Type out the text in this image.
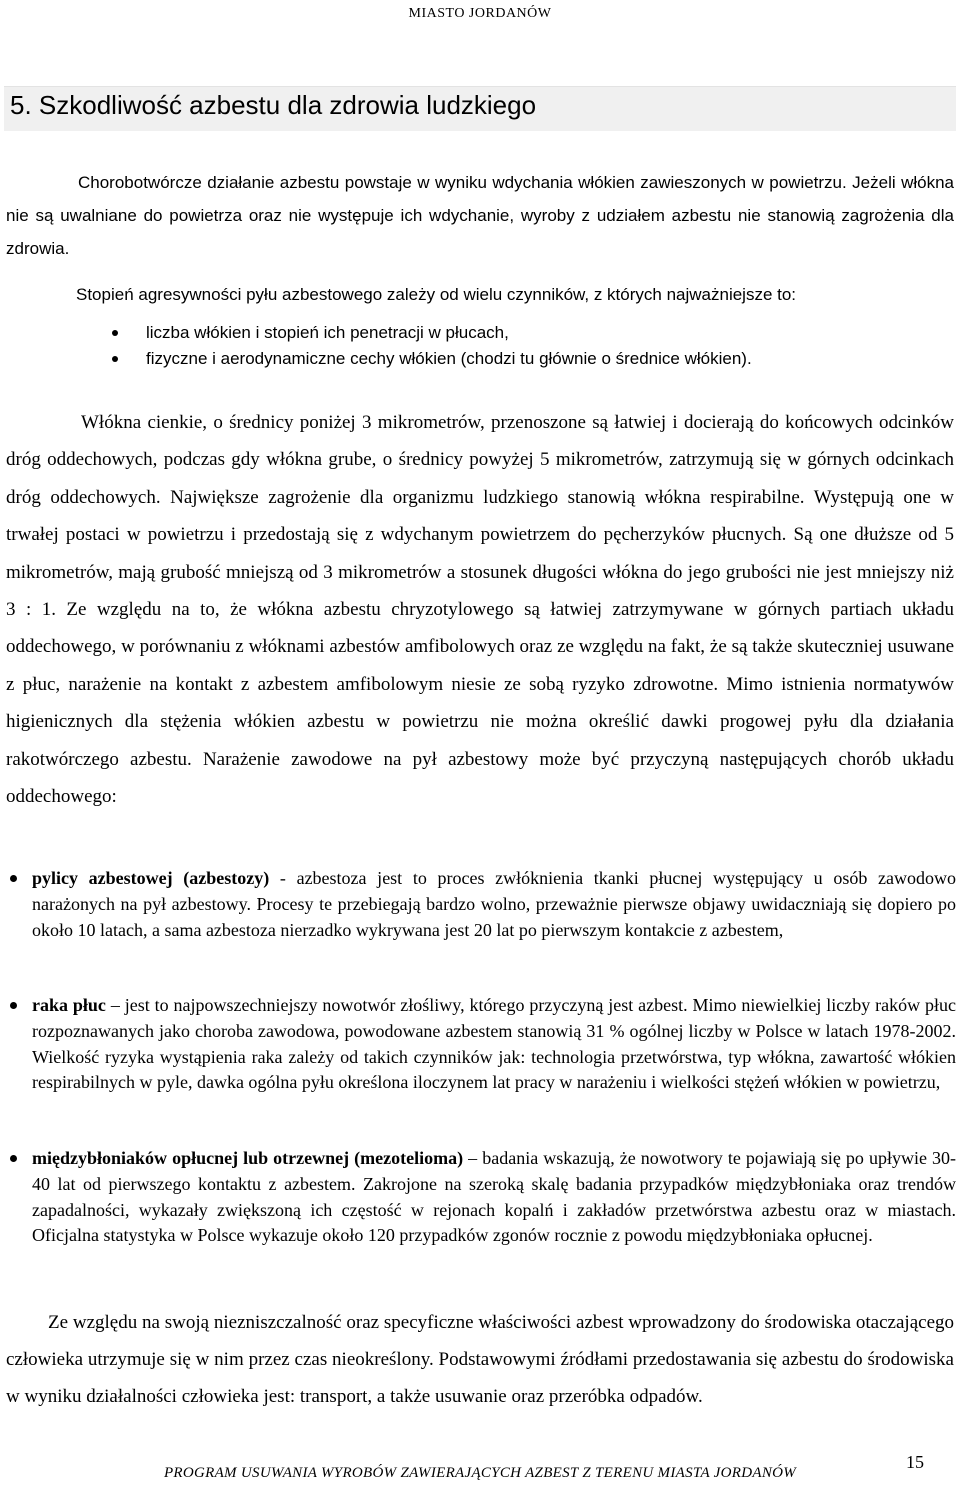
MIASTO JORDANÓW
5. Szkodliwość azbestu dla zdrowia ludzkiego

Chorobotwórcze działanie azbestu powstaje w wyniku wdychania włókien zawieszonych w powietrzu. Jeżeli włókna nie są uwalniane do powietrza oraz nie występuje ich wdychanie, wyroby z udziałem azbestu nie stanowią zagrożenia dla zdrowia.

Stopień agresywności pyłu azbestowego zależy od wielu czynników, z których najważniejsze to:

liczba włókien i stopień ich penetracji w płucach,
fizyczne i aerodynamiczne cechy włókien (chodzi tu głównie o średnice włókien).

Włókna cienkie, o średnicy poniżej 3 mikrometrów, przenoszone są łatwiej i docierają do końcowych odcinków dróg oddechowych, podczas gdy włókna grube, o średnicy powyżej 5 mikrometrów, zatrzymują się w górnych odcinkach dróg oddechowych. Największe zagrożenie dla organizmu ludzkiego stanowią włókna respirabilne. Występują one w trwałej postaci w powietrzu i przedostają się z wdychanym powietrzem do pęcherzyków płucnych. Są one dłuższe od 5 mikrometrów, mają grubość mniejszą od 3 mikrometrów a stosunek długości włókna do jego grubości nie jest mniejszy niż 3 : 1. Ze względu na to, że włókna azbestu chryzotylowego są łatwiej zatrzymywane w górnych partiach układu oddechowego, w porównaniu z włóknami azbestów amfibolowych oraz ze względu na fakt, że są także skuteczniej usuwane z płuc, narażenie na kontakt z azbestem amfibolowym niesie ze sobą ryzyko zdrowotne. Mimo istnienia normatywów higienicznych dla stężenia włókien azbestu w powietrzu nie można określić dawki progowej pyłu dla działania rakotwórczego azbestu. Narażenie zawodowe na pył azbestowy może być przyczyną następujących chorób układu oddechowego:

pylicy azbestowej (azbestozy) - azbestoza jest to proces zwłóknienia tkanki płucnej występujący u osób zawodowo narażonych na pył azbestowy. Procesy te przebiegają bardzo wolno, przeważnie pierwsze objawy uwidaczniają się dopiero po około 10 latach, a sama azbestoza nierzadko wykrywana jest 20 lat po pierwszym kontakcie z azbestem,
raka płuc – jest to najpowszechniejszy nowotwór złośliwy, którego przyczyną jest azbest. Mimo niewielkiej liczby raków płuc rozpoznawanych jako choroba zawodowa, powodowane azbestem stanowią 31 % ogólnej liczby w Polsce w latach 1978-2002. Wielkość ryzyka wystąpienia raka zależy od takich czynników jak: technologia przetwórstwa, typ włókna, zawartość włókien respirabilnych w pyle, dawka ogólna pyłu określona iloczynem lat pracy w narażeniu i wielkości stężeń włókien w powietrzu,
międzybłoniaków opłucnej lub otrzewnej (mezotelioma) – badania wskazują, że nowotwory te pojawiają się po upływie 30-40 lat od pierwszego kontaktu z azbestem. Zakrojone na szeroką skalę badania przypadków międzybłoniaka oraz trendów zapadalności, wykazały zwiększoną ich częstość w rejonach kopalń i zakładów przetwórstwa azbestu oraz w miastach. Oficjalna statystyka w Polsce wykazuje około 120 przypadków zgonów rocznie z powodu międzybłoniaka opłucnej.

Ze względu na swoją niezniszczalność oraz specyficzne właściwości azbest wprowadzony do środowiska otaczającego człowieka utrzymuje się w nim przez czas nieokreślony. Podstawowymi źródłami przedostawania się azbestu do środowiska w wyniku działalności człowieka jest: transport, a także usuwanie oraz przeróbka odpadów.

15
PROGRAM USUWANIA WYROBÓW ZAWIERAJĄCYCH AZBEST Z TERENU MIASTA JORDANÓW
